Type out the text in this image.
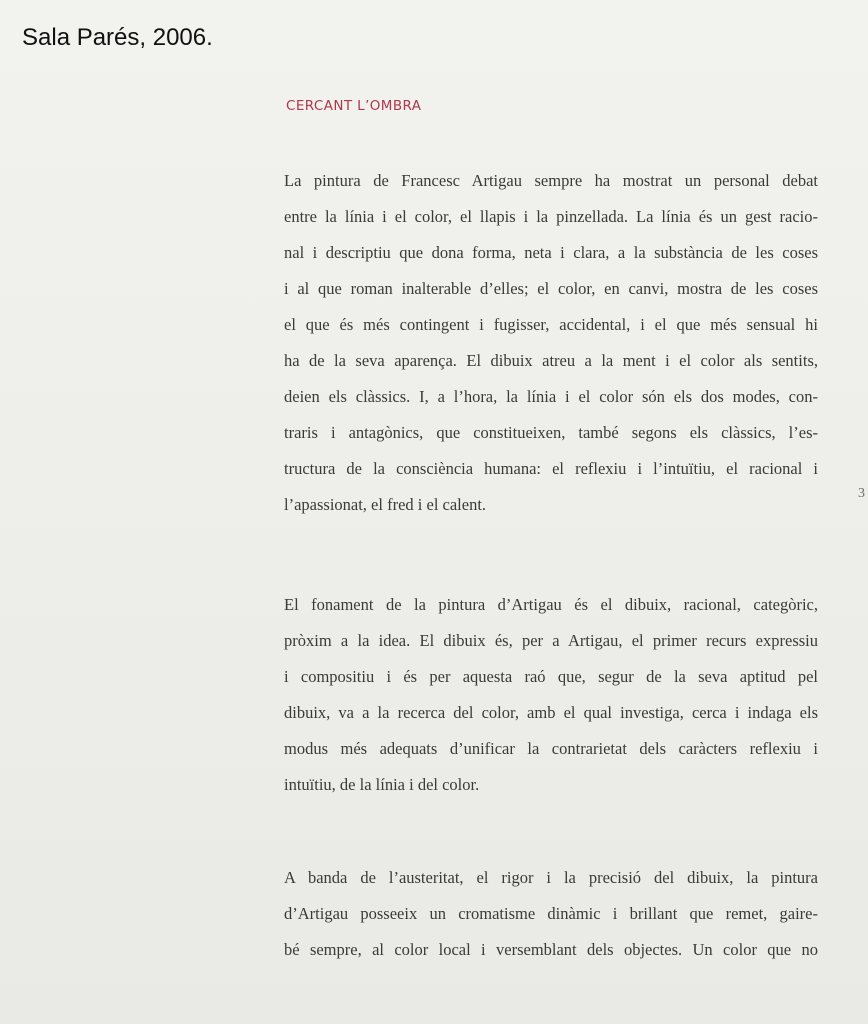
Sala Parés, 2006.
CERCANT L’OMBRA
La pintura de Francesc Artigau sempre ha mostrat un personal debat
entre la línia i el color, el llapis i la pinzellada. La línia és un gest racio-
nal i descriptiu que dona forma, neta i clara, a la substància de les coses
i al que roman inalterable d’elles; el color, en canvi, mostra de les coses
el que és més contingent i fugisser, accidental, i el que més sensual hi
ha de la seva aparença. El dibuix atreu a la ment i el color als sentits,
deien els clàssics. I, a l’hora, la línia i el color són els dos modes, con-
traris i antagònics, que constitueixen, també segons els clàssics, l’es-
tructura de la consciència humana: el reflexiu i l’intuïtiu, el racional i
l’apassionat, el fred i el calent.
El fonament de la pintura d’Artigau és el dibuix, racional, categòric,
pròxim a la idea. El dibuix és, per a Artigau, el primer recurs expressiu
i compositiu i és per aquesta raó que, segur de la seva aptitud pel
dibuix, va a la recerca del color, amb el qual investiga, cerca i indaga els
modus més adequats d’unificar la contrarietat dels caràcters reflexiu i
intuïtiu, de la línia i del color.
A banda de l’austeritat, el rigor i la precisió del dibuix, la pintura
d’Artigau posseeix un cromatisme dinàmic i brillant que remet, gaire-
bé sempre, al color local i versemblant dels objectes. Un color que no
3
